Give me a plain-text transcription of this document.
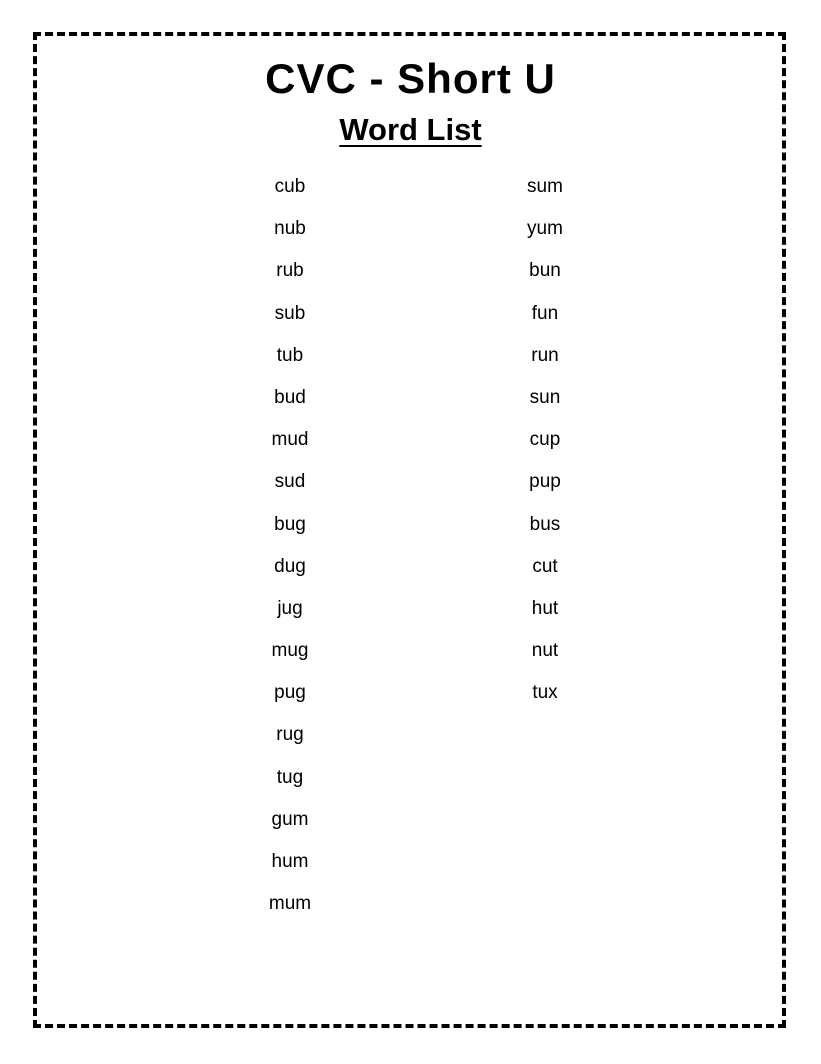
CVC - Short U
Word List
cub
nub
rub
sub
tub
bud
mud
sud
bug
dug
jug
mug
pug
rug
tug
gum
hum
mum
sum
yum
bun
fun
run
sun
cup
pup
bus
cut
hut
nut
tux
